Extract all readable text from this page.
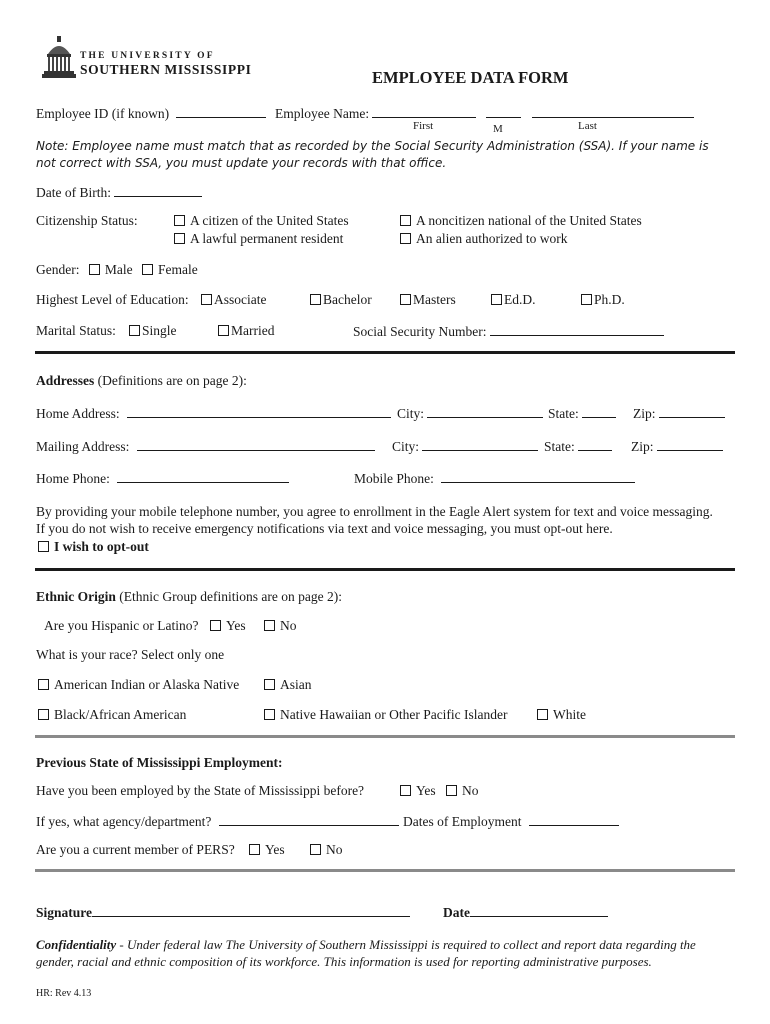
THE UNIVERSITY OF
SOUTHERN MISSISSIPPI	EMPLOYEE DATA FORM
Employee ID (if known)	Employee Name:
First	M	Last
Note: Employee name must match that as recorded by the Social Security Administration (SSA). If your name is not correct with SSA, you must update your records with that office.
Date of Birth:
Citizenship Status:	A citizen of the United States	A noncitizen national of the United States
A lawful permanent resident	An alien authorized to work
Gender: Male Female
Highest Level of Education:	Associate	Bachelor	Masters	Ed.D.	Ph.D.
Marital Status:	Single	Married	Social Security Number:
Addresses (Definitions are on page 2):
Home Address:	City:	State:	Zip:
Mailing Address:	City:	State:	Zip:
Home Phone:	Mobile Phone:
By providing your mobile telephone number, you agree to enrollment in the Eagle Alert system for text and voice messaging. If you do not wish to receive emergency notifications via text and voice messaging, you must opt-out here.
I wish to opt-out
Ethnic Origin (Ethnic Group definitions are on page 2):
Are you Hispanic or Latino?	Yes	No
What is your race? Select only one
American Indian or Alaska Native	Asian
Black/African American	Native Hawaiian or Other Pacific Islander	White
Previous State of Mississippi Employment:
Have you been employed by the State of Mississippi before?	Yes	No
If yes, what agency/department?	Dates of Employment
Are you a current member of PERS?	Yes	No
Signature	Date
Confidentiality - Under federal law The University of Southern Mississippi is required to collect and report data regarding the gender, racial and ethnic composition of its workforce. This information is used for reporting administrative purposes.
HR: Rev 4.13
